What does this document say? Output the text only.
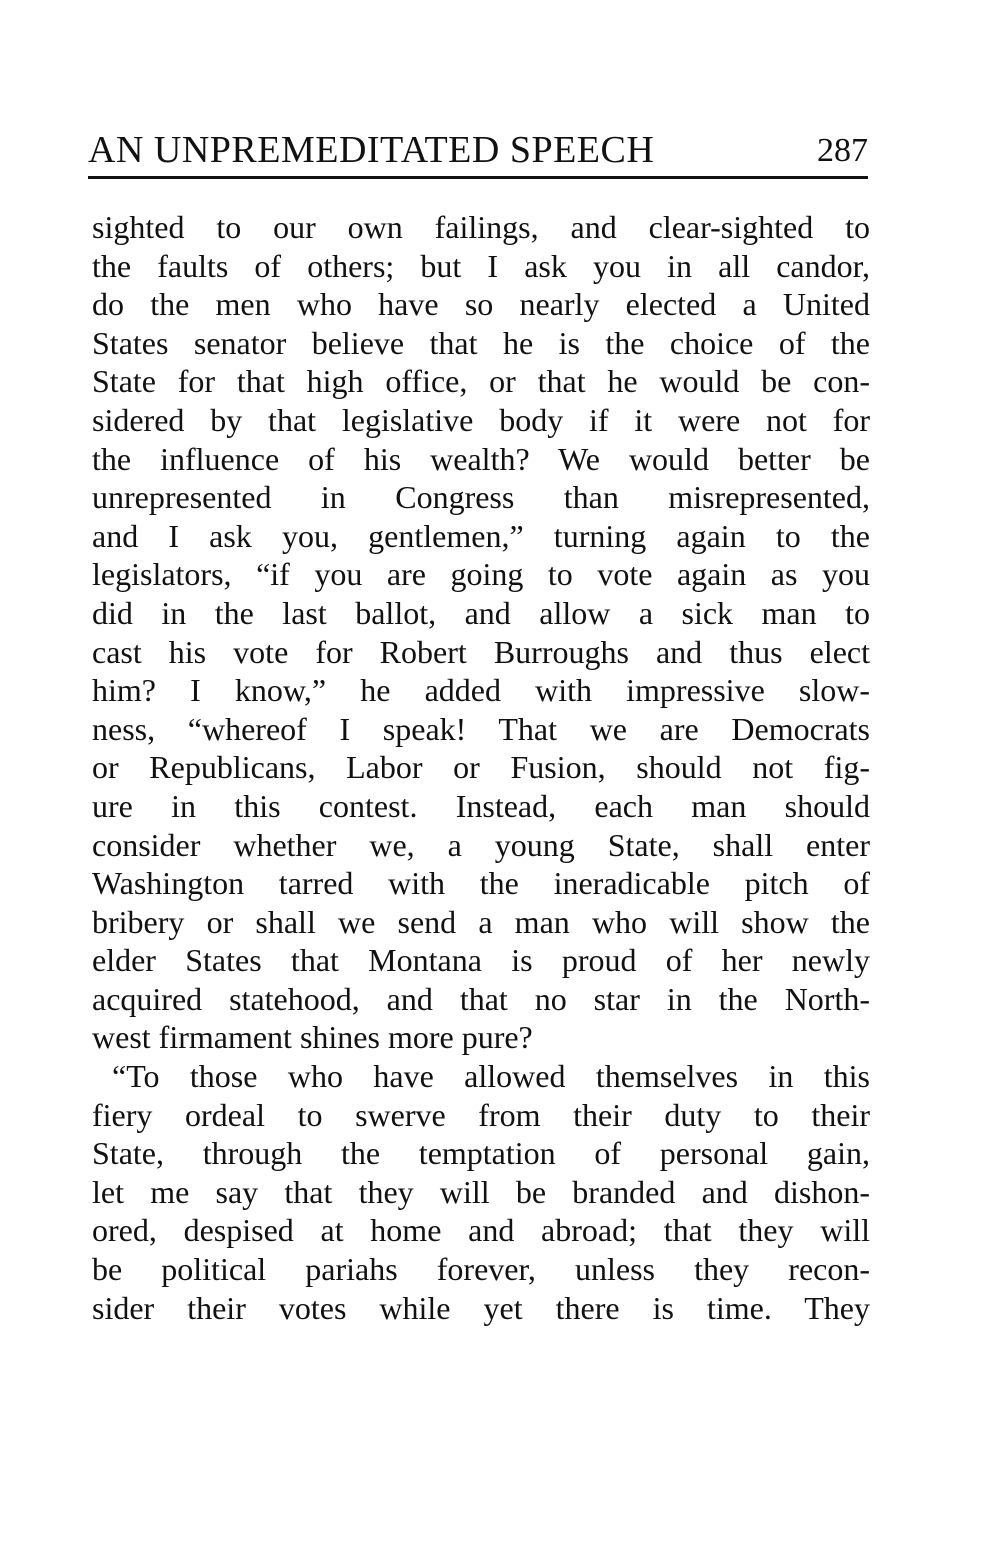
AN UNPREMEDITATED SPEECH	287
sighted to our own failings, and clear-sighted to
the faults of others; but I ask you in all candor,
do the men who have so nearly elected a United
States senator believe that he is the choice of the
State for that high office, or that he would be con-
sidered by that legislative body if it were not for
the influence of his wealth? We would better be
unrepresented in Congress than misrepresented,
and I ask you, gentlemen,” turning again to the
legislators, “if you are going to vote again as you
did in the last ballot, and allow a sick man to
cast his vote for Robert Burroughs and thus elect
him? I know,” he added with impressive slow-
ness, “whereof I speak! That we are Democrats
or Republicans, Labor or Fusion, should not fig-
ure in this contest. Instead, each man should
consider whether we, a young State, shall enter
Washington tarred with the ineradicable pitch of
bribery or shall we send a man who will show the
elder States that Montana is proud of her newly
acquired statehood, and that no star in the North-
west firmament shines more pure?
“To those who have allowed themselves in this
fiery ordeal to swerve from their duty to their
State, through the temptation of personal gain,
let me say that they will be branded and dishon-
ored, despised at home and abroad; that they will
be political pariahs forever, unless they recon-
sider their votes while yet there is time. They
